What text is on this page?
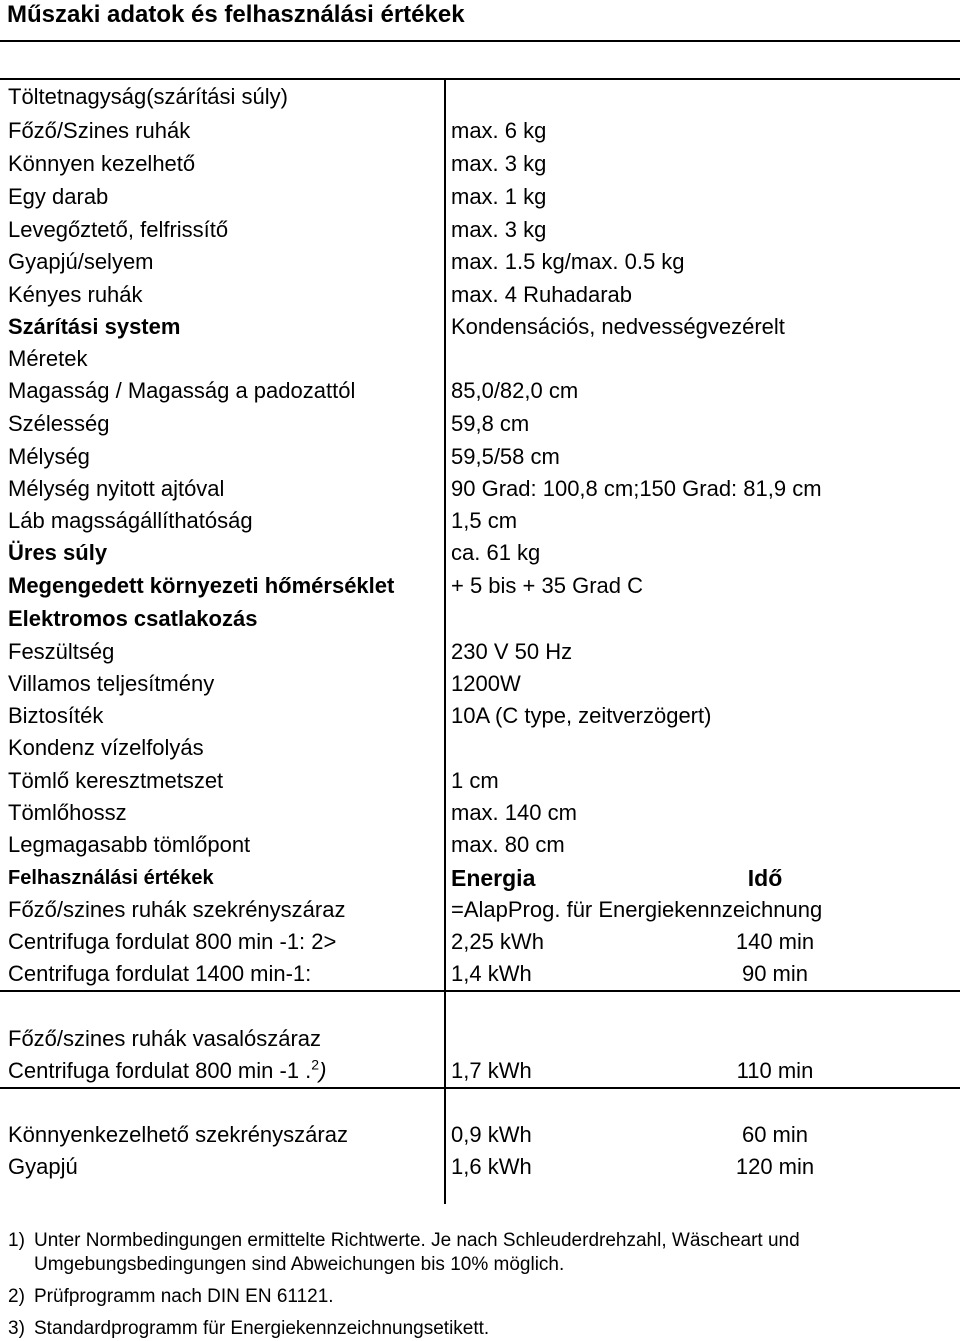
Műszaki adatok és felhasználási értékek
Töltetnagyság(szárítási súly)
Főző/Szines ruhák	max. 6 kg
Könnyen kezelhető	max. 3 kg
Egy darab	max. 1 kg
Levegőztető, felfrissítő	max. 3 kg
Gyapjú/selyem	max. 1.5 kg/max. 0.5 kg
Kényes ruhák	max. 4 Ruhadarab
Szárítási system	Kondensációs, nedvességvezérelt
Méretek
Magasság / Magasság a padozattól	85,0/82,0 cm
Szélesség	59,8 cm
Mélység	59,5/58 cm
Mélység nyitott ajtóval	90 Grad: 100,8 cm;150 Grad: 81,9 cm
Láb magsságállíthatóság	1,5 cm
Üres súly	ca. 61 kg
Megengedett környezeti hőmérséklet	+ 5 bis + 35 Grad C
Elektromos csatlakozás
Feszültség	230 V 50 Hz
Villamos teljesítmény	1200W
Biztosíték	10A (C type, zeitverzögert)
Kondenz vízelfolyás
Tömlő keresztmetszet	1 cm
Tömlőhossz	max. 140 cm
Legmagasabb tömlőpont	max. 80 cm
Felhasználási értékek	Energia	Idő
Főző/szines ruhák szekrényszáraz	=AlapProg. für Energiekennzeichnung
Centrifuga fordulat 800 min -1: 2>	2,25 kWh	140 min
Centrifuga fordulat 1400 min-1:	1,4 kWh	90 min
Főző/szines ruhák vasalószáraz
Centrifuga fordulat 800 min -1 .$^2$)	1,7 kWh	110 min
Könnyenkezelhető szekrényszáraz	0,9 kWh	60 min
Gyapjú	1,6 kWh	120 min
1) Unter Normbedingungen ermittelte Richtwerte. Je nach Schleuderdrehzahl, Wäscheart und Umgebungsbedingungen sind Abweichungen bis 10% möglich.
2) Prüfprogramm nach DIN EN 61121.
3) Standardprogramm für Energiekennzeichnungsetikett.
